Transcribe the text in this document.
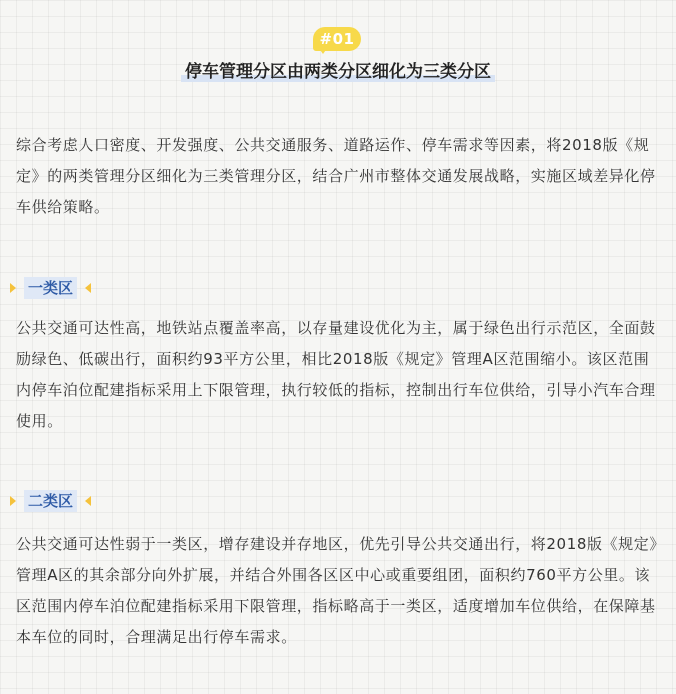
#01
停车管理分区由两类分区细化为三类分区

综合考虑人口密度、开发强度、公共交通服务、道路运作、停车需求等因素，将2018版《规定》的两类管理分区细化为三类管理分区，结合广州市整体交通发展战略，实施区域差异化停车供给策略。

一类区

公共交通可达性高，地铁站点覆盖率高，以存量建设优化为主，属于绿色出行示范区，全面鼓励绿色、低碳出行，面积约93平方公里，相比2018版《规定》管理A区范围缩小。该区范围内停车泊位配建指标采用上下限管理，执行较低的指标，控制出行车位供给，引导小汽车合理使用。

二类区

公共交通可达性弱于一类区，增存建设并存地区，优先引导公共交通出行，将2018版《规定》管理A区的其余部分向外扩展，并结合外围各区区中心或重要组团，面积约760平方公里。该区范围内停车泊位配建指标采用下限管理，指标略高于一类区，适度增加车位供给，在保障基本车位的同时，合理满足出行停车需求。
